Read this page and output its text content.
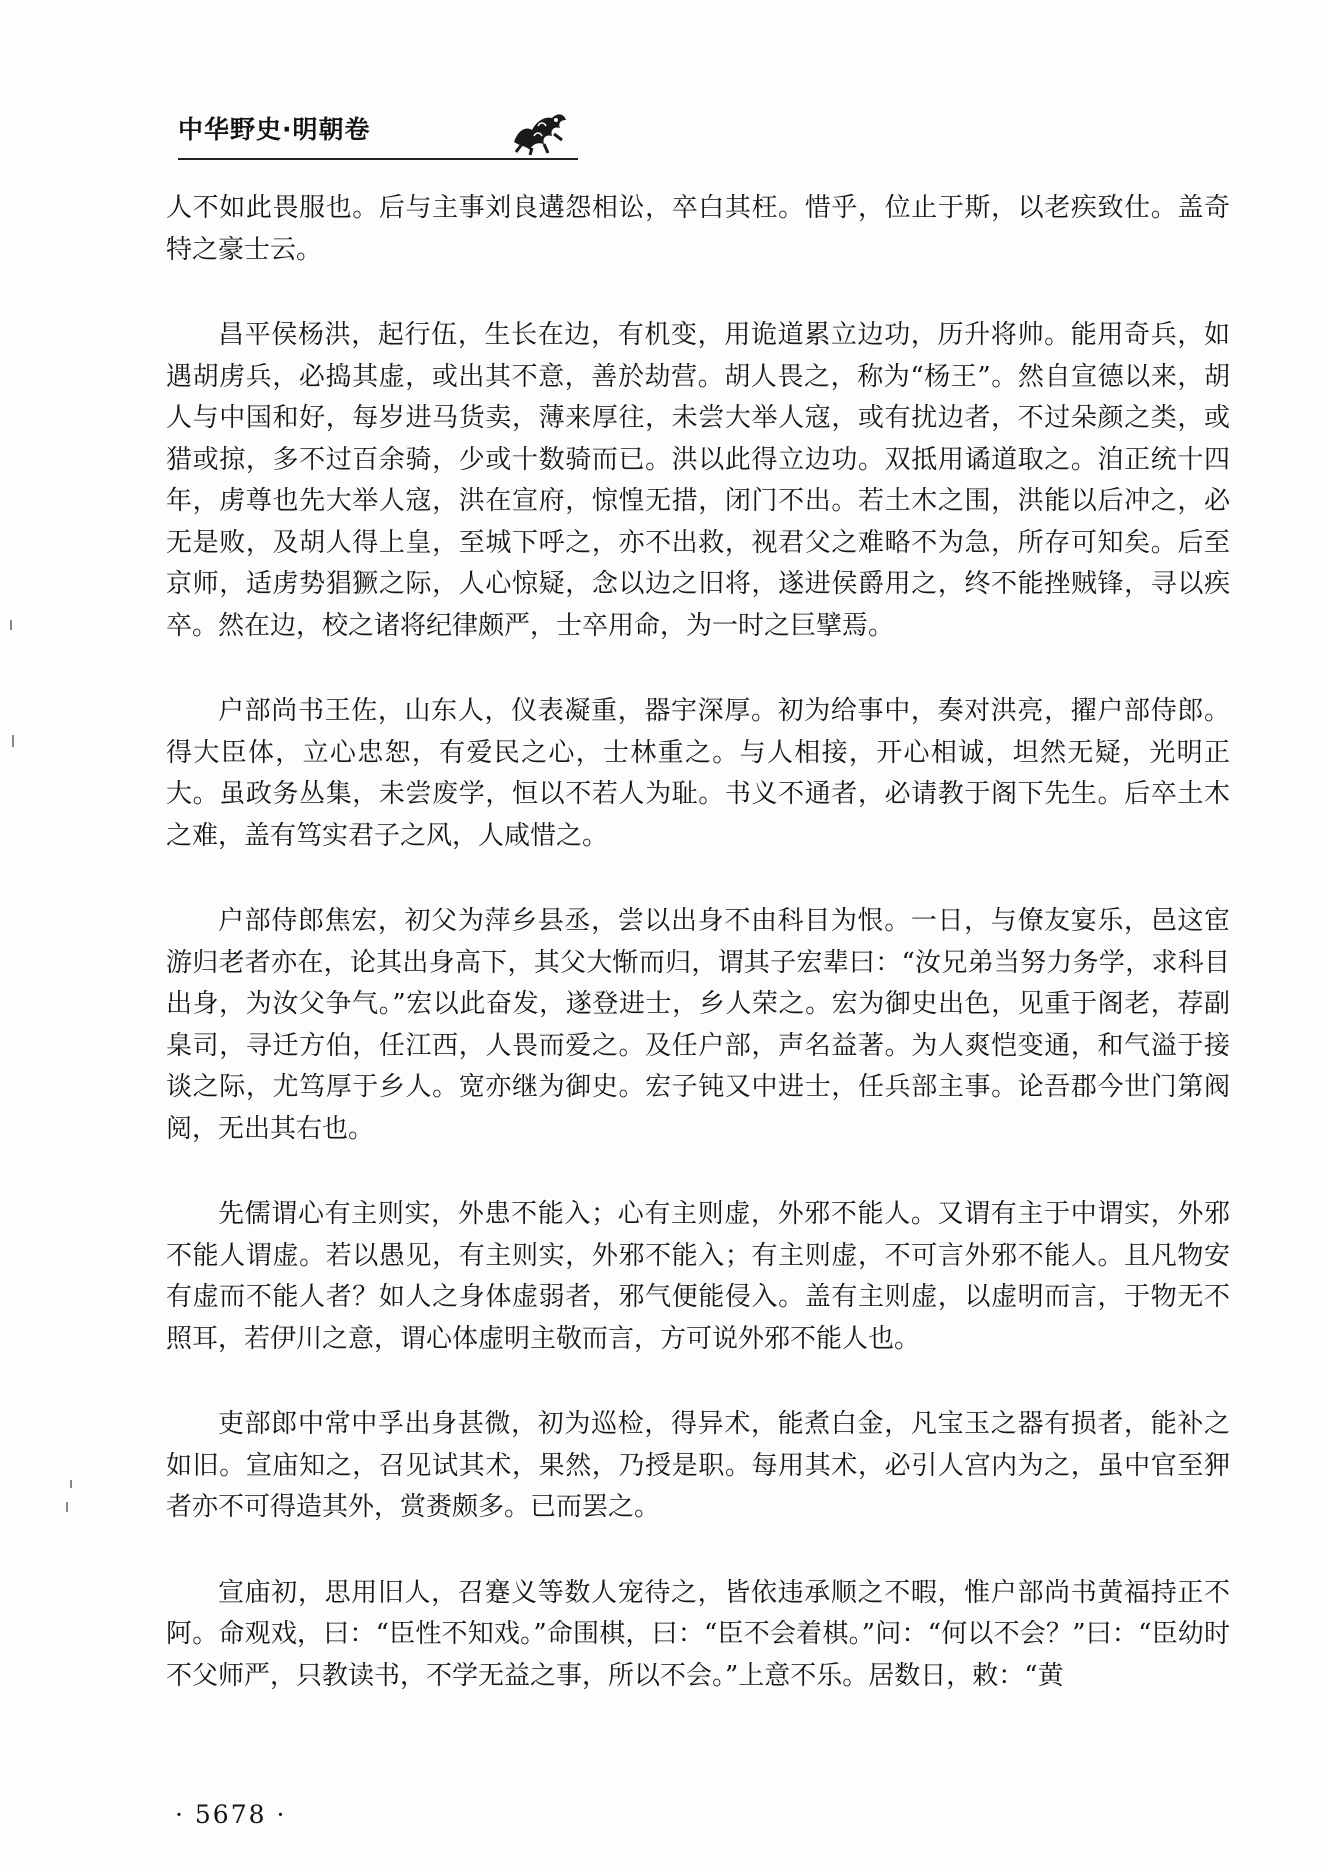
中华野史·明朝卷

人不如此畏服也。后与主事刘良遘怨相讼，卒白其枉。惜乎，位止于斯，以老疾致仕。盖奇特之豪士云。

昌平侯杨洪，起行伍，生长在边，有机变，用诡道累立边功，历升将帅。能用奇兵，如遇胡虏兵，必捣其虚，或出其不意，善於劫营。胡人畏之，称为“杨王”。然自宣德以来，胡人与中国和好，每岁进马货卖，薄来厚往，未尝大举人寇，或有扰边者，不过朵颜之类，或猎或掠，多不过百余骑，少或十数骑而已。洪以此得立边功。双抵用谲道取之。洎正统十四年，虏尊也先大举人寇，洪在宣府，惊惶无措，闭门不出。若土木之围，洪能以后冲之，必无是败，及胡人得上皇，至城下呼之，亦不出救，视君父之难略不为急，所存可知矣。后至京师，适虏势猖獗之际，人心惊疑，念以边之旧将，遂进侯爵用之，终不能挫贼锋，寻以疾卒。然在边，校之诸将纪律颇严，士卒用命，为一时之巨擘焉。

户部尚书王佐，山东人，仪表凝重，器宇深厚。初为给事中，奏对洪亮，擢户部侍郎。得大臣体，立心忠恕，有爱民之心，士林重之。与人相接，开心相诚，坦然无疑，光明正大。虽政务丛集，未尝废学，恒以不若人为耻。书义不通者，必请教于阁下先生。后卒土木之难，盖有笃实君子之风，人咸惜之。

户部侍郎焦宏，初父为萍乡县丞，尝以出身不由科目为恨。一日，与僚友宴乐，邑这宦游归老者亦在，论其出身高下，其父大惭而归，谓其子宏辈曰：“汝兄弟当努力务学，求科目出身，为汝父争气。”宏以此奋发，遂登进士，乡人荣之。宏为御史出色，见重于阁老，荐副臬司，寻迁方伯，任江西，人畏而爱之。及任户部，声名益著。为人爽恺变通，和气溢于接谈之际，尤笃厚于乡人。宽亦继为御史。宏子钝又中进士，任兵部主事。论吾郡今世门第阀阅，无出其右也。

先儒谓心有主则实，外患不能入；心有主则虚，外邪不能人。又谓有主于中谓实，外邪不能人谓虚。若以愚见，有主则实，外邪不能入；有主则虚，不可言外邪不能人。且凡物安有虚而不能人者？如人之身体虚弱者，邪气便能侵入。盖有主则虚，以虚明而言，于物无不照耳，若伊川之意，谓心体虚明主敬而言，方可说外邪不能人也。

吏部郎中常中孚出身甚微，初为巡检，得异术，能煮白金，凡宝玉之器有损者，能补之如旧。宣庙知之，召见试其术，果然，乃授是职。每用其术，必引人宫内为之，虽中官至狎者亦不可得造其外，赏赉颇多。已而罢之。

宣庙初，思用旧人，召蹇义等数人宠待之，皆依违承顺之不暇，惟户部尚书黄福持正不阿。命观戏，曰：“臣性不知戏。”命围棋，曰：“臣不会着棋。”问：“何以不会？”曰：“臣幼时不父师严，只教读书，不学无益之事，所以不会。”上意不乐。居数日，敕：“黄

· 5678 ·
